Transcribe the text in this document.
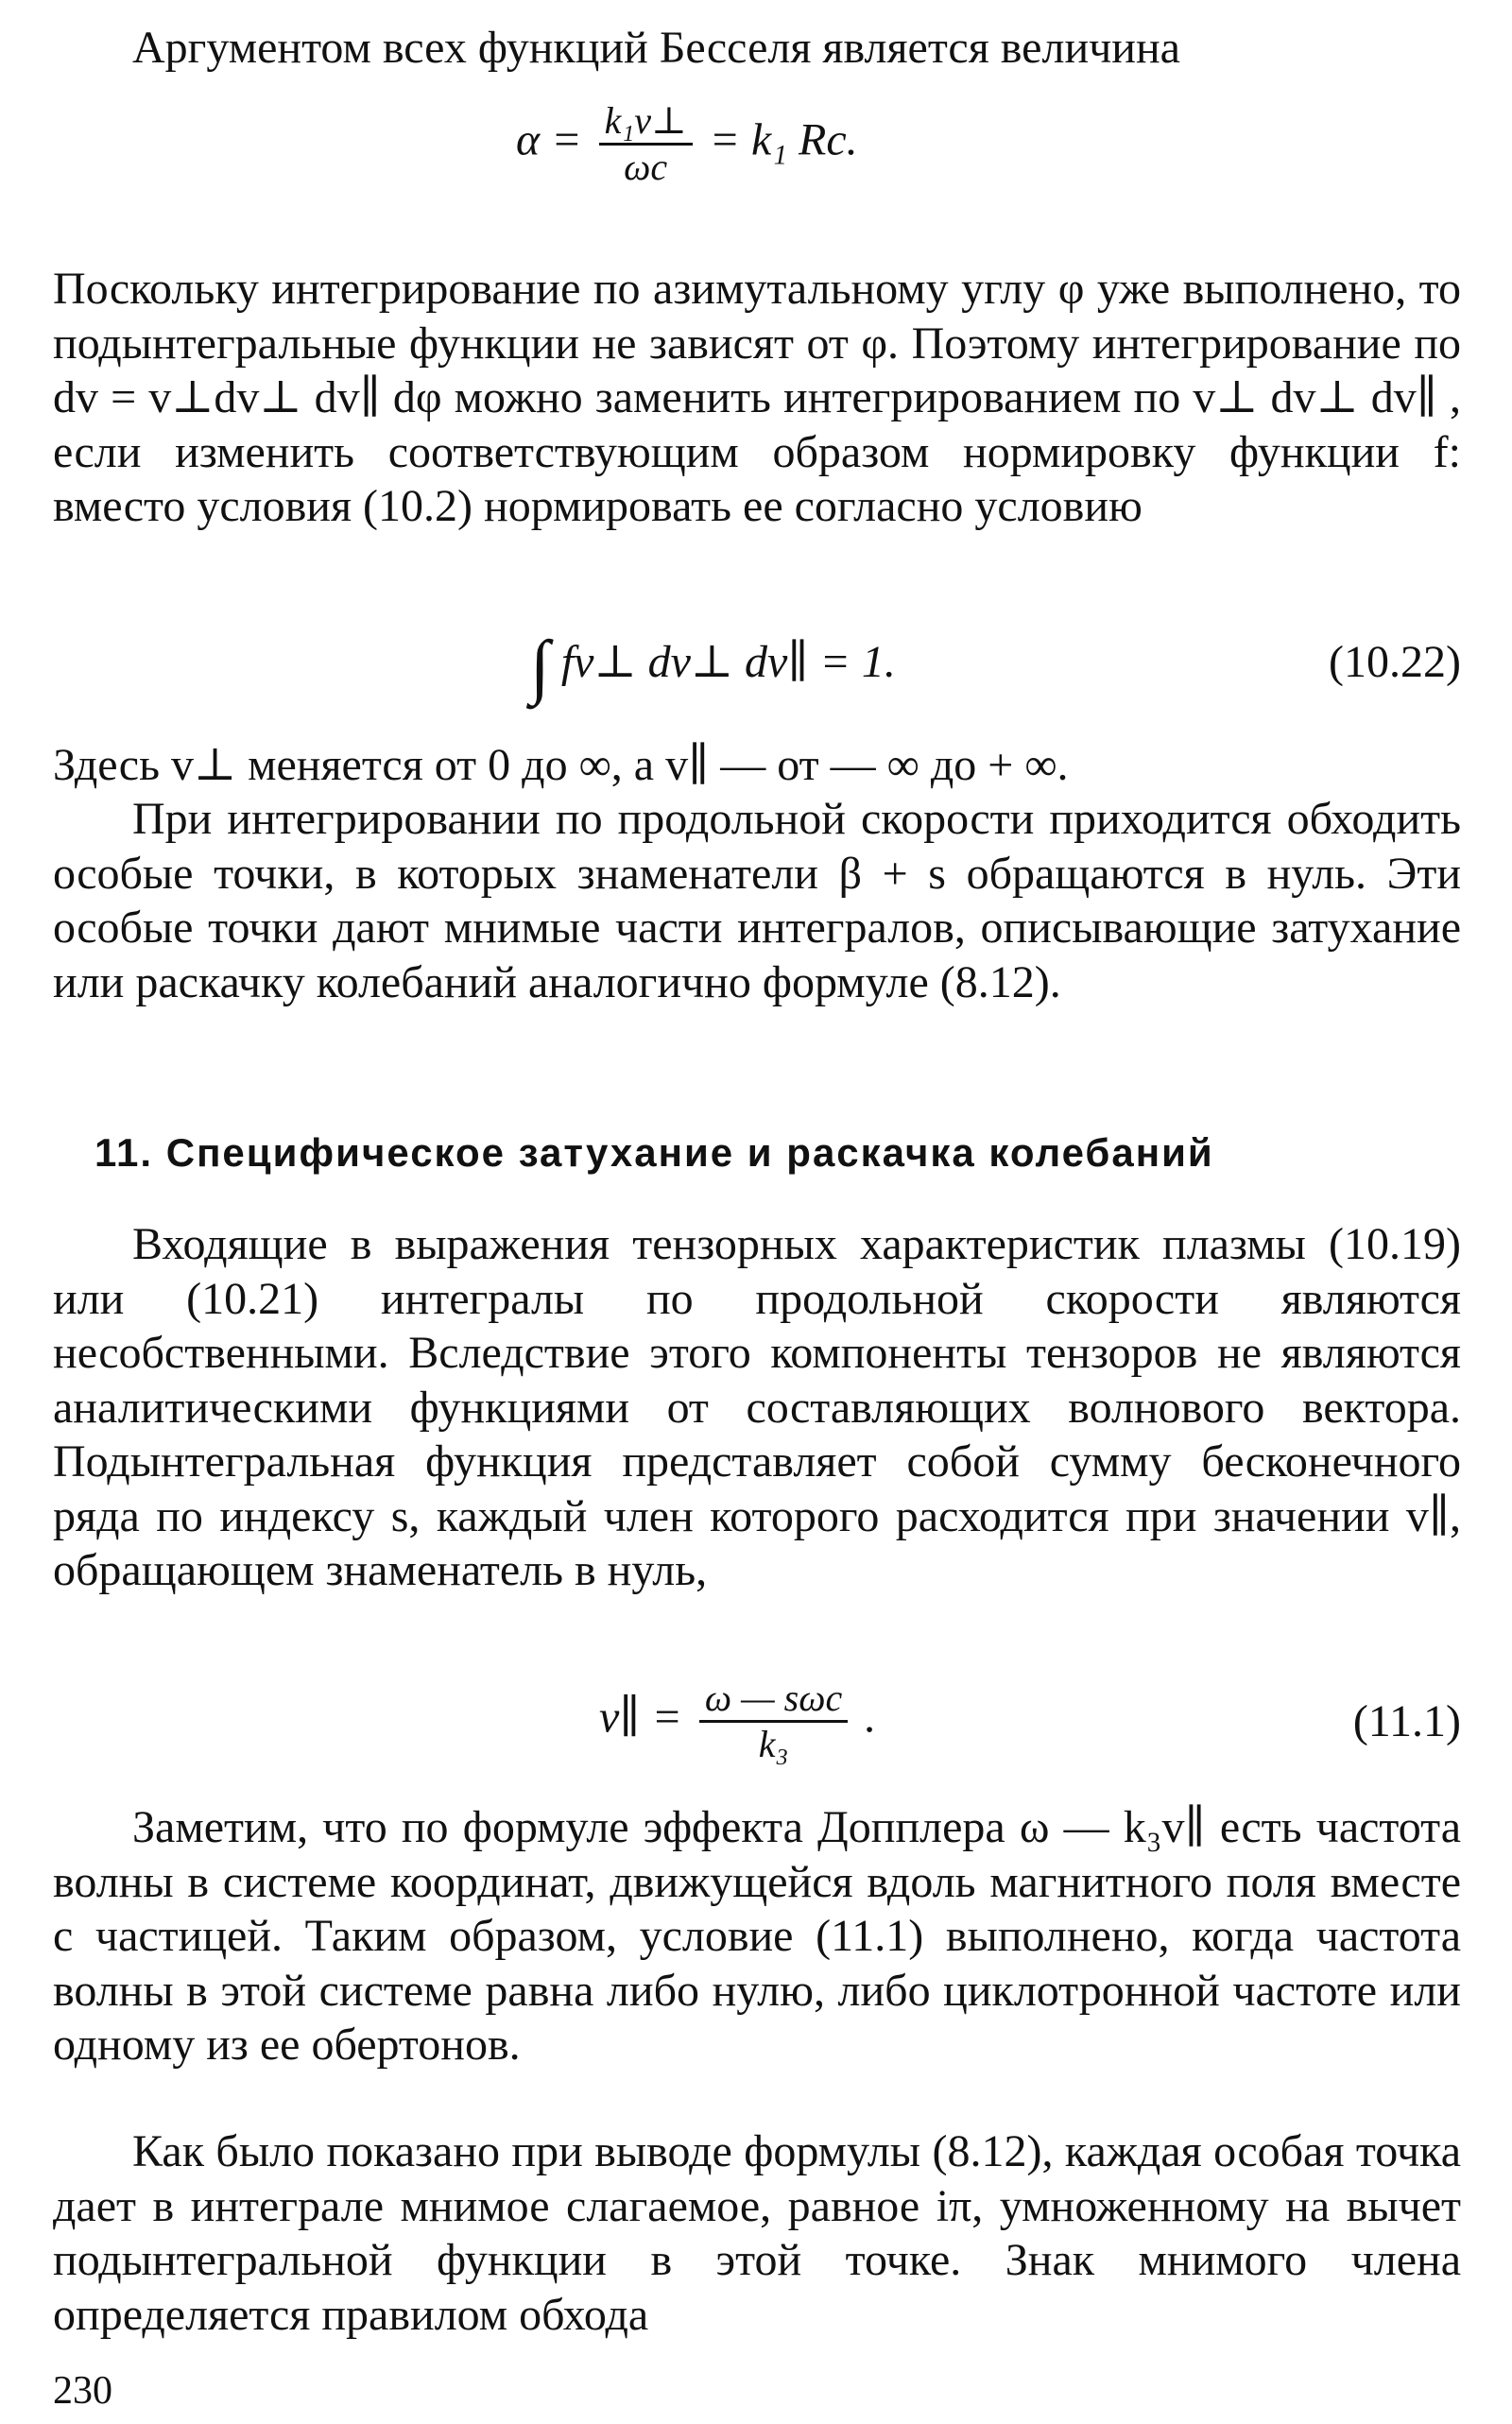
Аргументом всех функций Бесселя является величина
$\alpha = \frac{\text{k₁v⊥}}{\omega c} = k_1$ Rc.
Поскольку интегрирование по азимутальному углу φ уже выполнено, то подынтегральные функции не зависят от φ. Поэтому интегрирование по dv = v⊥dv⊥ dv∥ dφ можно заменить интегрированием по v⊥ dv⊥ dv∥ , если изменить соответствующим образом нормировку функции f: вместо условия (10.2) нормировать ее согласно условию
∫ fv⊥ dv⊥ dv∥ = 1.	(10.22)
Здесь v⊥ меняется от 0 до ∞, а v∥ — от — ∞ до + ∞.
При интегрировании по продольной скорости приходится обходить особые точки, в которых знаменатели β + s обращаются в нуль. Эти особые точки дают мнимые части интегралов, описывающие затухание или раскачку колебаний аналогично формуле (8.12).
11. Специфическое затухание и раскачка колебаний
Входящие в выражения тензорных характеристик плазмы (10.19) или (10.21) интегралы по продольной скорости являются несобственными. Вследствие этого компоненты тензоров не являются аналитическими функциями от составляющих волнового вектора. Подынтегральная функция представляет собой сумму бесконечного ряда по индексу s, каждый член которого расходится при значении v∥, обращающем знаменатель в нуль,
v∥ = $\frac{\text{ω — sωc}}{\text{k₃}}$ .	(11.1)
Заметим, что по формуле эффекта Допплера ω — k₃v∥ есть частота волны в системе координат, движущейся вдоль магнитного поля вместе с частицей. Таким образом, условие (11.1) выполнено, когда частота волны в этой системе равна либо нулю, либо циклотронной частоте или одному из ее обертонов.
Как было показано при выводе формулы (8.12), каждая особая точка дает в интеграле мнимое слагаемое, равное iπ, умноженному на вычет подынтегральной функции в этой точке. Знак мнимого члена определяется правилом обхода
230
